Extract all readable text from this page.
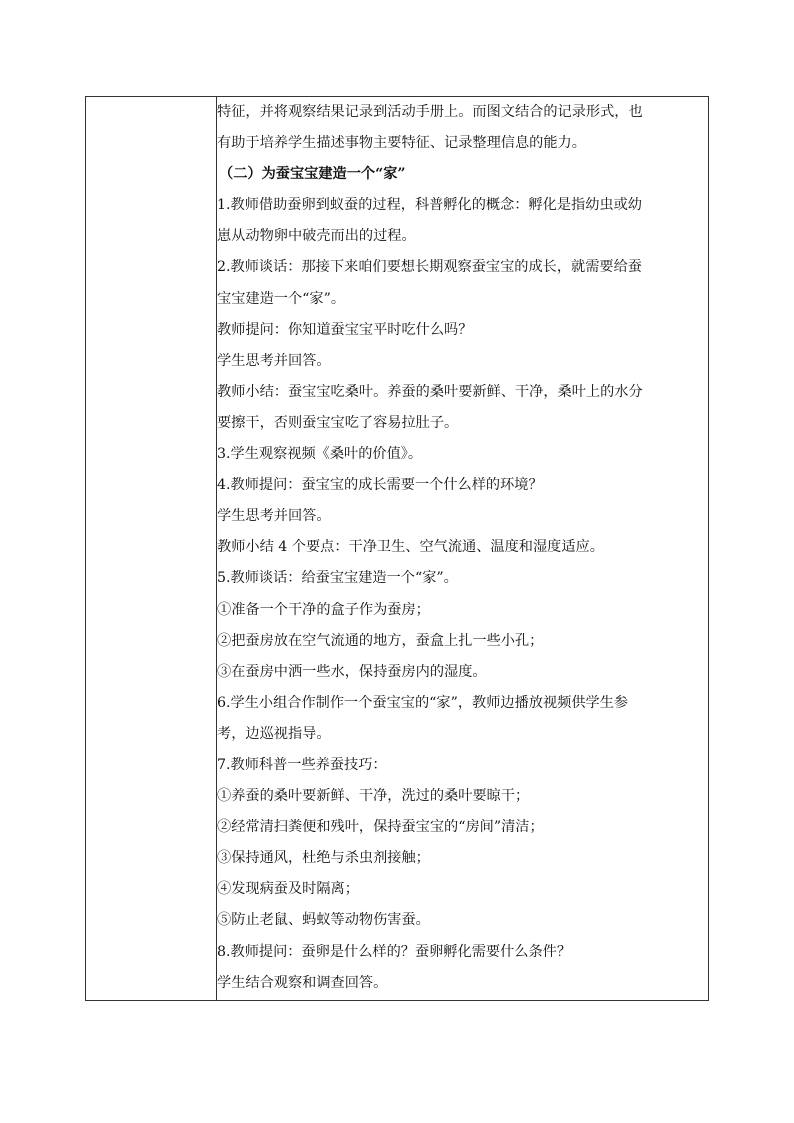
特征，并将观察结果记录到活动手册上。而图文结合的记录形式，也

有助于培养学生描述事物主要特征、记录整理信息的能力。

（二）为蚕宝宝建造一个“家”

1.教师借助蚕卵到蚁蚕的过程，科普孵化的概念：孵化是指幼虫或幼

崽从动物卵中破壳而出的过程。

2.教师谈话：那接下来咱们要想长期观察蚕宝宝的成长，就需要给蚕

宝宝建造一个“家”。

教师提问：你知道蚕宝宝平时吃什么吗？

学生思考并回答。

教师小结：蚕宝宝吃桑叶。养蚕的桑叶要新鲜、干净，桑叶上的水分

要擦干，否则蚕宝宝吃了容易拉肚子。

3.学生观察视频《桑叶的价值》。

4.教师提问：蚕宝宝的成长需要一个什么样的环境？

学生思考并回答。

教师小结 4 个要点：干净卫生、空气流通、温度和湿度适应。

5.教师谈话：给蚕宝宝建造一个“家”。

①准备一个干净的盒子作为蚕房；

②把蚕房放在空气流通的地方，蚕盒上扎一些小孔；

③在蚕房中洒一些水，保持蚕房内的湿度。

6.学生小组合作制作一个蚕宝宝的“家”，教师边播放视频供学生参

考，边巡视指导。

7.教师科普一些养蚕技巧：

①养蚕的桑叶要新鲜、干净，洗过的桑叶要晾干；

②经常清扫粪便和残叶，保持蚕宝宝的“房间”清洁；

③保持通风，杜绝与杀虫剂接触；

④发现病蚕及时隔离；

⑤防止老鼠、蚂蚁等动物伤害蚕。

8.教师提问：蚕卵是什么样的？蚕卵孵化需要什么条件？

学生结合观察和调查回答。
